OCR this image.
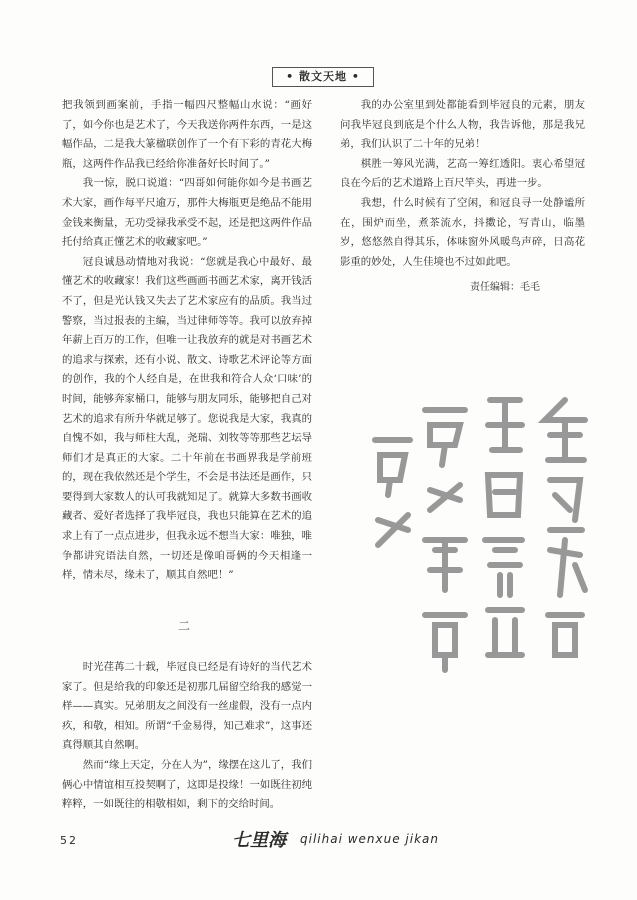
• 散文天地 •

把我领到画案前，手指一幅四尺整幅山水说：“画好了，如今你也是艺术了，今天我送你两件东西，一是这幅作品，二是我大篆楹联创作了一个有下彩的青花大梅瓶，这两件作品我已经给你准备好长时间了。”

我一惊，脱口说道：“四哥如何能你如今是书画艺术大家，画作每平尺逾万，那件大梅瓶更是绝品不能用金钱来衡量，无功受禄我承受不起，还是把这两件作品托付给真正懂艺术的收藏家吧。”

冠良诚恳动情地对我说：“您就是我心中最好、最懂艺术的收藏家！我们这些画画书画艺术家，离开钱活不了，但是光认钱又失去了艺术家应有的品质。我当过警察，当过报表的主编，当过律师等等。我可以放弃掉年薪上百万的工作，但唯一让我放弃的就是对书画艺术的追求与探索，还有小说、散文、诗歌艺术评论等方面的创作，我的个人经自是，在世我和符合人众‘口味’的时间，能够奔家桶口，能够与朋友同乐，能够把自己对艺术的追求有所升华就足够了。您说我是大家，我真的自愧不如，我与师柱大乱，尧瑞、刘牧等等那些艺坛导师们才是真正的大家。二十年前在书画界我是学前班的，现在我依然还是个学生，不会是书法还是画作，只要得到大家数人的认可我就知足了。就算大多数书画收藏者、爱好者选择了我毕冠良，我也只能算在艺术的追求上有了一点点进步，但我永远不想当大家：唯独，唯争都讲究语法自然，一切还是像咱哥俩的今天相逢一样，情未尽，缘未了，顺其自然吧！”

二

时光荏苒二十载，毕冠良已经是有诗好的当代艺术家了。但是给我的印象还是初那几届留空给我的感觉一样——真实。兄弟朋友之间没有一丝虚假，没有一点内疚，和敬，相知。所谓“千金易得，知己难求”，这事还真得顺其自然啊。

然而“缘上天定，分在人为”，缘摆在这儿了，我们俩心中情谊相互投契啊了，这即是投缘！一如既往初纯粹粹，一如既往的相敬相如，剩下的交给时间。

我的办公室里到处都能看到毕冠良的元素，朋友问我毕冠良到底是个什么人物，我告诉他，那是我兄弟，我们认识了二十年的兄弟！

棋胜一筹风光满，艺高一筹红透阳。衷心希望冠良在今后的艺术道路上百尺竿头，再进一步。

我想，什么时候有了空闲，和冠良寻一处静谧所在，围炉而坐，煮茶流水，抖擞论，写青山，临墨岁，悠悠然自得其乐，体味窗外风暖鸟声碎，日高花影重的妙处，人生佳境也不过如此吧。

责任编辑：毛毛
52	七里海 qilihai wenxue jikan
